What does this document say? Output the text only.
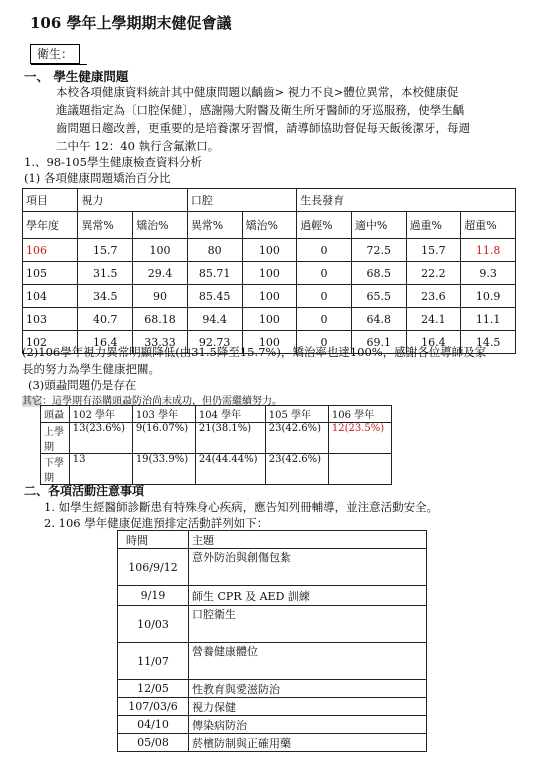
106 學年上學期期末健促會議
衛生：
一、 學生健康問題
本校各項健康資料統計其中健康問題以齲齒> 視力不良>體位異常，本校健康促
進議題指定為〔口腔保健〕，感謝陽大附醫及衛生所牙醫師的牙巡服務，使學生齲
齒問題日趨改善，更重要的是培養潔牙習慣，請導師協助督促每天飯後潔牙，每週
二中午 12：40 執行含氟漱口。
1.、98-105學生健康檢查資料分析
(1) 各項健康問題矯治百分比
項目	視力		口腔		生長發育			
學年度	異常%	矯治%	異常%	矯治%	過輕%	適中%	過重%	超重%
106	15.7	100	80	100	0	72.5	15.7	11.8
105	31.5	29.4	85.71	100	0	68.5	22.2	9.3
104	34.5	90	85.45	100	0	65.5	23.6	10.9
103	40.7	68.18	94.4	100	0	64.8	24.1	11.1
102	16.4	33.33	92.73	100	0	69.1	16.4	14.5
(2)106學年視力異常明顯降低(由31.5降至15.7%)，矯治率也達100%，感謝各位導師及家
長的努力為學生健康把關。
(3)頭蝨問題仍是存在
其它：這學期有添購頭蝨防治尚未成功，但仍需繼續努力。
頭蝨	102 學年	103 學年	104 學年	105 學年	106 學年
上學
期	13(23.6%)	9(16.07%)	21(38.1%)	23(42.6%)	12(23.5%)
下學
期	13	19(33.9%)	24(44.44%)	23(42.6%)	
二、各項活動注意事項
1. 如學生經醫師診斷患有特殊身心疾病，應告知列冊輔導，並注意活動安全。
2. 106 學年健康促進預排定活動詳列如下：
時間	主題
106/9/12	意外防治與創傷包紮
9/19	師生 CPR 及 AED 訓練
10/03	口腔衛生
11/07	營養健康體位
12/05	性教育與愛滋防治
107/03/6	視力保健
04/10	傳染病防治
05/08	菸檳防制與正確用藥
